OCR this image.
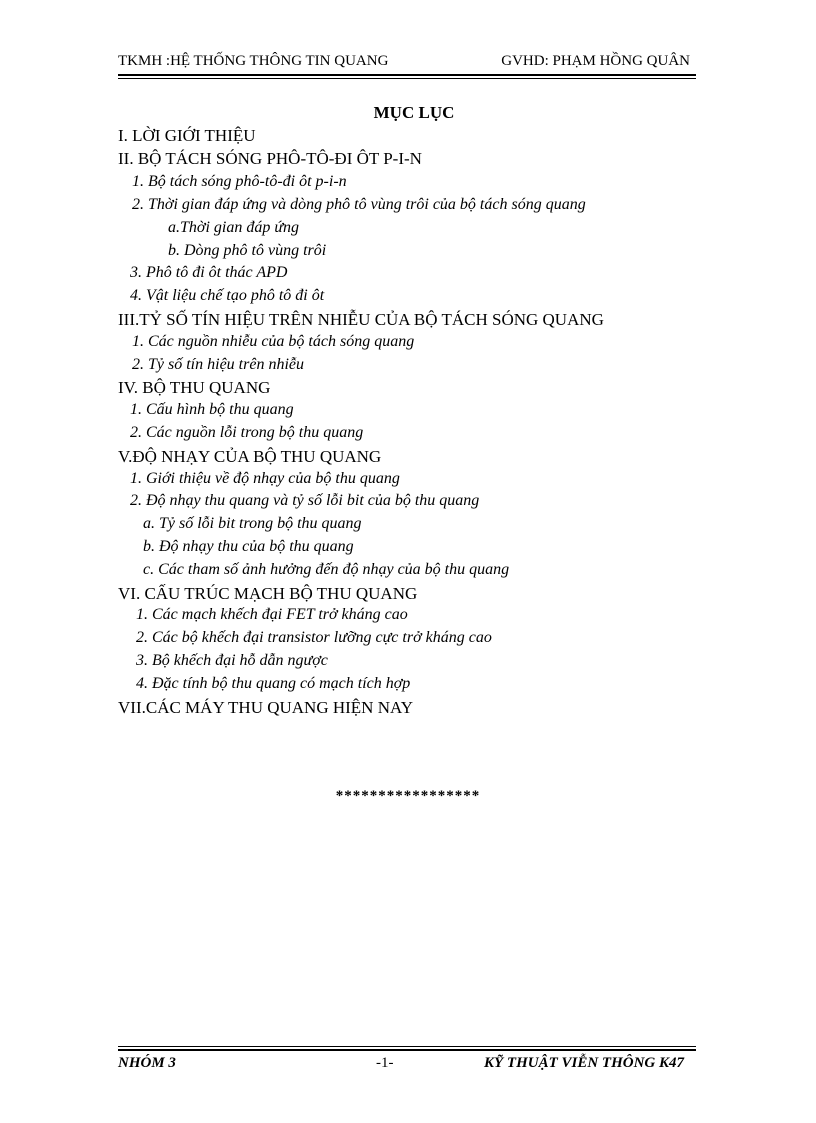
TKMH :HỆ THỐNG THÔNG TIN QUANG	GVHD: PHẠM HỒNG QUÂN
MỤC LỤC
I. LỜI GIỚI THIỆU
II. BỘ TÁCH SÓNG PHÔ-TÔ-ĐI ÔT P-I-N
1. Bộ tách sóng phô-tô-đi ôt p-i-n
2. Thời gian đáp ứng và dòng phô tô vùng trôi của bộ tách sóng quang
a.Thời gian đáp ứng
b. Dòng phô tô vùng trôi
3. Phô tô đi ôt thác APD
4. Vật liệu chế tạo phô tô đi ôt
III.TỶ SỐ TÍN HIỆU TRÊN NHIỄU CỦA BỘ TÁCH SÓNG QUANG
1. Các nguồn nhiễu của bộ tách sóng quang
2. Tỷ số tín hiệu trên nhiễu
IV. BỘ THU QUANG
1. Cấu hình bộ thu quang
2. Các nguồn lỗi trong bộ thu quang
V.ĐỘ NHẠY CỦA BỘ THU QUANG
1. Giới thiệu về độ nhạy của bộ thu quang
2. Độ nhạy thu quang và tỷ số lỗi bit của bộ thu quang
a. Tỷ số lỗi bit trong bộ thu quang
b. Độ nhạy thu của bộ thu quang
c. Các tham số ảnh hưởng đến độ nhạy của bộ thu quang
VI. CẤU TRÚC MẠCH BỘ THU QUANG
1. Các mạch khếch đại FET trở kháng cao
2. Các bộ khếch đại transistor lưỡng cực trở kháng cao
3. Bộ khếch đại hỗ dẫn ngược
4. Đặc tính bộ thu quang có mạch tích hợp
VII.CÁC MÁY THU QUANG HIỆN NAY
*****************
NHÓM 3	-1-	KỸ THUẬT VIỄN THÔNG K47
